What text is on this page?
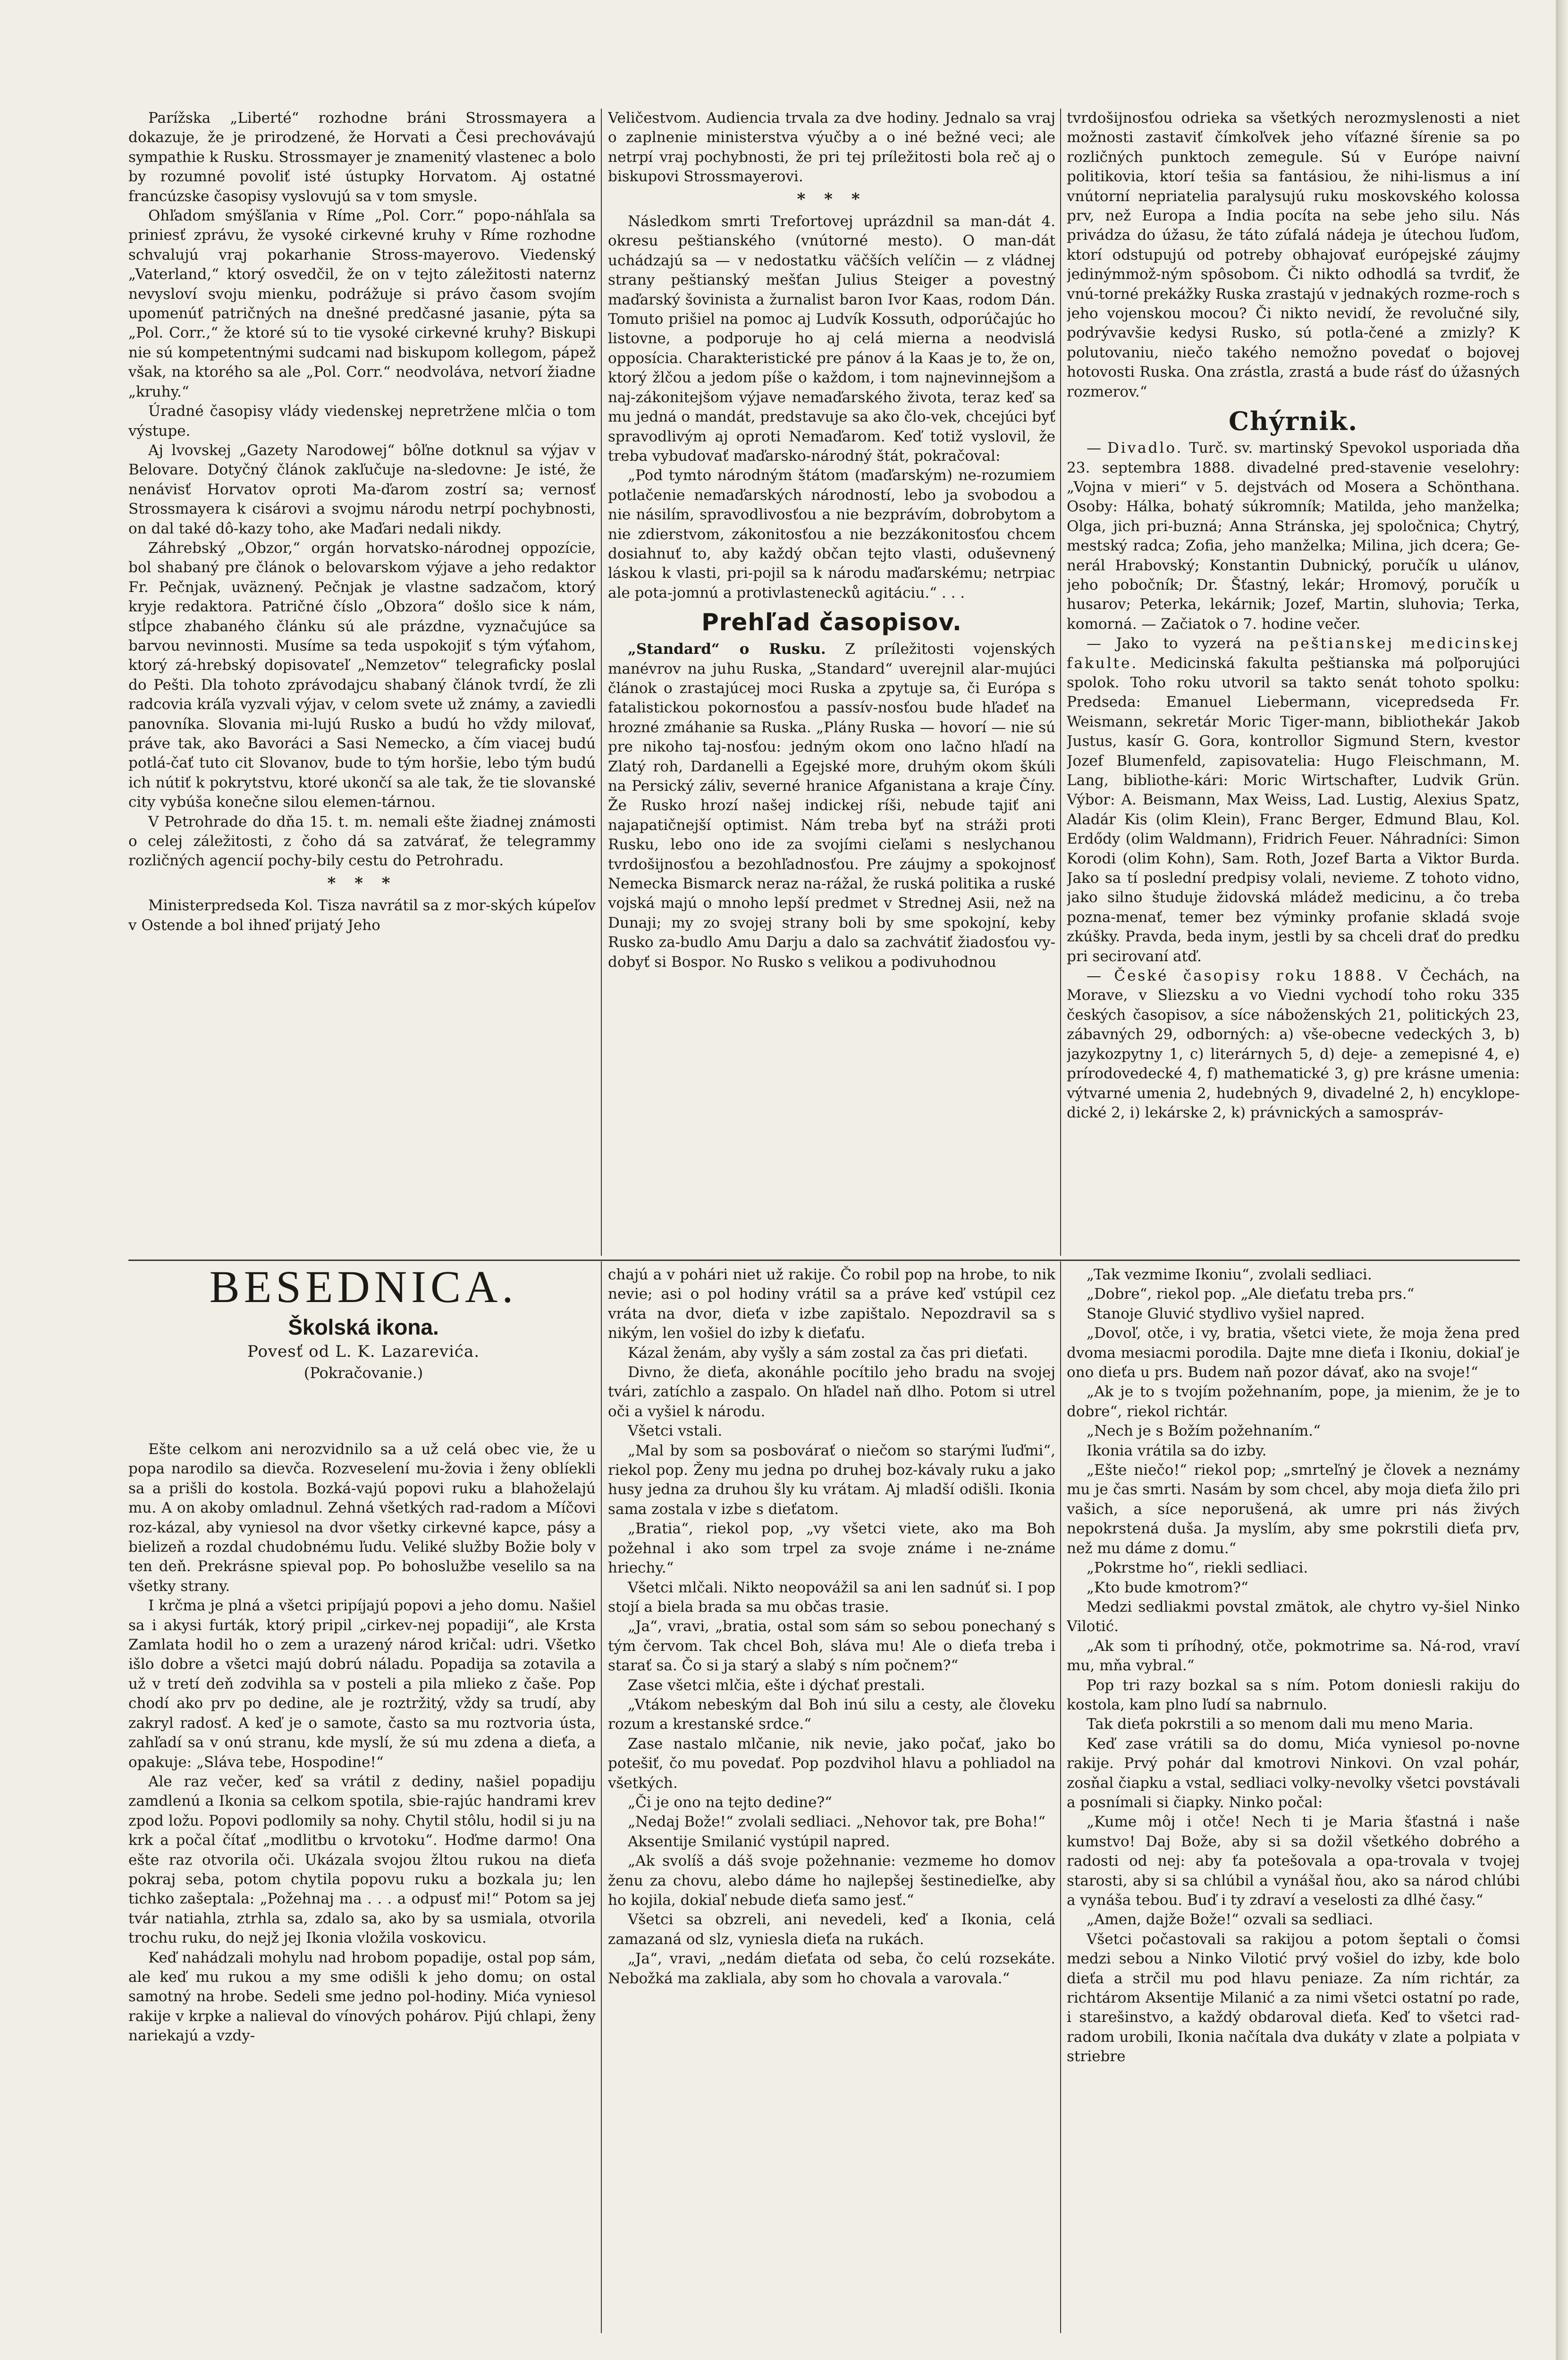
Parížska „Liberté“ rozhodne bráni Strossmayera a dokazuje, že je prirodzené, že Horvati a Česi prechovávajú sympathie k Rusku. Strossmayer je znamenitý vlastenec a bolo by rozumné povoliť isté ústupky Horvatom. Aj ostatné francúzske časopisy vyslovujú sa v tom smysle.

Ohľadom smýšľania v Ríme „Pol. Corr.“ popo-náhľala sa priniesť zprávu, že vysoké cirkevné kruhy v Ríme rozhodne schvalujú vraj pokarhanie Stross-mayerovo. Viedenský „Vaterland,“ ktorý osvedčil, že on v tejto záležitosti naternz nevysloví svoju mienku, podrážuje si právo časom svojím upomenúť patričných na dnešné predčasné jasanie, pýta sa „Pol. Corr.,“ že ktoré sú to tie vysoké cirkevné kruhy? Biskupi nie sú kompetentnými sudcami nad biskupom kollegom, pápež však, na ktorého sa ale „Pol. Corr.“ neodvoláva, netvorí žiadne „kruhy.“

Úradné časopisy vlády viedenskej nepretržene mlčia o tom výstupe.

Aj lvovskej „Gazety Narodowej“ bôľne dotknul sa výjav v Belovare. Dotyčný článok zakľučuje na-sledovne: Je isté, že nenávisť Horvatov oproti Ma-ďarom zostrí sa; vernosť Strossmayera k cisárovi a svojmu národu netrpí pochybnosti, on dal také dô-kazy toho, ake Maďari nedali nikdy.

Záhrebský „Obzor,“ orgán horvatsko-národnej oppozície, bol shabaný pre článok o belovarskom výjave a jeho redaktor Fr. Pečnjak, uväznený. Pečnjak je vlastne sadzačom, ktorý kryje redaktora. Patričné číslo „Obzora“ došlo sice k nám, stĺpce zhabaného článku sú ale prázdne, vyznačujúce sa barvou nevinnosti. Musíme sa teda uspokojiť s tým výťahom, ktorý zá-hrebský dopisovateľ „Nemzetov“ telegraficky poslal do Pešti. Dla tohoto zprávodajcu shabaný článok tvrdí, že zli radcovia kráľa vyzvali výjav, v celom svete už známy, a zaviedli panovníka. Slovania mi-lujú Rusko a budú ho vždy milovať, práve tak, ako Bavoráci a Sasi Nemecko, a čím viacej budú potlá-čať tuto cit Slovanov, bude to tým horšie, lebo tým budú ich nútiť k pokrytstvu, ktoré ukončí sa ale tak, že tie slovanské city vybúša konečne silou elemen-tárnou.

V Petrohrade do dňa 15. t. m. nemali ešte žiadnej známosti o celej záležitosti, z čoho dá sa zatvárať, že telegrammy rozličných agencií pochy-bily cestu do Petrohradu.

* * *

Ministerpredseda Kol. Tisza navrátil sa z mor-ských kúpeľov v Ostende a bol ihneď prijatý Jeho

Veličestvom. Audiencia trvala za dve hodiny. Jednalo sa vraj o zaplnenie ministerstva výučby a o iné bežné veci; ale netrpí vraj pochybnosti, že pri tej príležitosti bola reč aj o biskupovi Strossmayerovi.

* * *

Následkom smrti Trefortovej uprázdnil sa man-dát 4. okresu peštianského (vnútorné mesto). O man-dát uchádzajú sa — v nedostatku väčších velíčin — z vládnej strany peštianský mešťan Julius Steiger a povestný maďarský šovinista a žurnalist baron Ivor Kaas, rodom Dán. Tomuto prišiel na pomoc aj Ludvík Kossuth, odporúčajúc ho listovne, a podporuje ho aj celá mierna a neodvislá opposícia. Charakteristické pre pánov á la Kaas je to, že on, ktorý žlčou a jedom píše o každom, i tom najnevinnejšom a naj-zákonitejšom výjave nemaďarského života, teraz keď sa mu jedná o mandát, predstavuje sa ako člo-vek, chcejúci byť spravodlivým aj oproti Nemaďarom. Keď totiž vyslovil, že treba vybudovať maďarsko-národný štát, pokračoval:

„Pod tymto národným štátom (maďarským) ne-rozumiem potlačenie nemaďarských národností, lebo ja svobodou a nie násilím, spravodlivosťou a nie bezprávím, dobrobytom a nie zdierstvom, zákonitosťou a nie bezzákonitosťou chcem dosiahnuť to, aby každý občan tejto vlasti, oduševnený láskou k vlasti, pri-pojil sa k národu maďarskému; netrpiac ale pota-jomnú a protivlastenecků agitáciu.“ . . .

Prehľad časopisov.

„Standard“ o Rusku. Z príležitosti vojenských manévrov na juhu Ruska, „Standard“ uverejnil alar-mujúci článok o zrastajúcej moci Ruska a zpytuje sa, či Európa s fatalistickou pokornosťou a passív-nosťou bude hľadeť na hrozné zmáhanie sa Ruska. „Plány Ruska — hovorí — nie sú pre nikoho taj-nosťou: jedným okom ono lačno hľadí na Zlatý roh, Dardanelli a Egejské more, druhým okom škúli na Persický záliv, severné hranice Afganistana a kraje Číny. Že Rusko hrozí našej indickej ríši, nebude tajiť ani najapatičnejší optimist. Nám treba byť na stráži proti Rusku, lebo ono ide za svojími cieľami s neslychanou tvrdošijnosťou a bezohľadnosťou. Pre záujmy a spokojnosť Nemecka Bismarck neraz na-rážal, že ruská politika a ruské vojská majú o mnoho lepší predmet v Strednej Asii, než na Dunaji; my zo svojej strany boli by sme spokojní, keby Rusko za-budlo Amu Darju a dalo sa zachvátiť žiadosťou vy-dobyť si Bospor. No Rusko s velikou a podivuhodnou

tvrdošijnosťou odrieka sa všetkých nerozmyslenosti a niet možnosti zastaviť čímkoľvek jeho víťazné šírenie sa po rozličných punktoch zemegule. Sú v Európe naivní politikovia, ktorí tešia sa fantásiou, že nihi-lismus a iní vnútorní nepriatelia paralysujú ruku moskovského kolossa prv, než Europa a India pocíta na sebe jeho silu. Nás privádza do úžasu, že táto zúfalá nádeja je útechou ľuďom, ktorí odstupujú od potreby obhajovať európejské záujmy jedinýmmož-ným spôsobom. Či nikto odhodlá sa tvrdiť, že vnú-torné prekážky Ruska zrastajú v jednakých rozme-roch s jeho vojenskou mocou? Či nikto nevidí, že revolučné sily, podrývavšie kedysi Rusko, sú potla-čené a zmizly? K polutovaniu, niečo takého nemožno povedať o bojovej hotovosti Ruska. Ona zrástla, zrastá a bude rásť do úžasných rozmerov.“

Chýrnik.

— Divadlo. Turč. sv. martinský Spevokol usporiada dňa 23. septembra 1888. divadelné pred-stavenie veselohry: „Vojna v mieri“ v 5. dejstvách od Mosera a Schönthana. Osoby: Hálka, bohatý súkromník; Matilda, jeho manželka; Olga, jich pri-buzná; Anna Stránska, jej spoločnica; Chytrý, mestský radca; Zofia, jeho manželka; Milina, jich dcera; Ge-nerál Hrabovský; Konstantin Dubnický, poručík u ulánov, jeho pobočník; Dr. Šťastný, lekár; Hromový, poručík u husarov; Peterka, lekárnik; Jozef, Martin, sluhovia; Terka, komorná. — Začiatok o 7. hodine večer.

— Jako to vyzerá na peštianskej medicinskej fakulte. Medicinská fakulta peštianska má poľporujúci spolok. Toho roku utvoril sa takto senát tohoto spolku: Predseda: Emanuel Liebermann, vicepredseda Fr. Weismann, sekretár Moric Tiger-mann, bibliothekár Jakob Justus, kasír G. Gora, kontrollor Sigmund Stern, kvestor Jozef Blumenfeld, zapisovatelia: Hugo Fleischmann, M. Lang, bibliothe-kári: Moric Wirtschafter, Ludvik Grün. Výbor: A. Beismann, Max Weiss, Lad. Lustig, Alexius Spatz, Aladár Kis (olim Klein), Franc Berger, Edmund Blau, Kol. Erdődy (olim Waldmann), Fridrich Feuer. Náhradníci: Simon Korodi (olim Kohn), Sam. Roth, Jozef Barta a Viktor Burda. Jako sa tí poslední predpisy volali, nevieme. Z tohoto vidno, jako silno študuje židovská mládež medicinu, a čo treba pozna-menať, temer bez výminky profanie skladá svoje zkúšky. Pravda, beda inym, jestli by sa chceli drať do predku pri secirovaní atď.

— České časopisy roku 1888. V Čechách, na Morave, v Sliezsku a vo Viedni vychodí toho roku 335 českých časopisov, a síce náboženských 21, politických 23, zábavných 29, odborných: a) vše-obecne vedeckých 3, b) jazykozpytny 1, c) literárnych 5, d) deje- a zemepisné 4, e) prírodovedecké 4, f) mathematické 3, g) pre krásne umenia: výtvarné umenia 2, hudebných 9, divadelné 2, h) encyklope-dické 2, i) lekárske 2, k) právnických a samospráv-

BESEDNICA.
Školská ikona.
Povesť od L. K. Lazarevića.
(Pokračovanie.)

Ešte celkom ani nerozvidnilo sa a už celá obec vie, že u popa narodilo sa dievča. Rozveselení mu-žovia i ženy oblíekli sa a prišli do kostola. Bozká-vajú popovi ruku a blahoželajú mu. A on akoby omladnul. Zehná všetkých rad-radom a Míčovi roz-kázal, aby vyniesol na dvor všetky cirkevné kapce, pásy a bielizeň a rozdal chudobnému ľudu. Veliké služby Božie boly v ten deň. Prekrásne spieval pop. Po bohoslužbe veselilo sa na všetky strany.

I krčma je plná a všetci pripíjajú popovi a jeho domu. Našiel sa i akysi furták, ktorý pripil „cirkev-nej popadiji“, ale Krsta Zamlata hodil ho o zem a urazený národ kričal: udri. Všetko išlo dobre a všetci majú dobrú náladu. Popadija sa zotavila a už v tretí deň zodvihla sa v posteli a pila mlieko z čaše. Pop chodí ako prv po dedine, ale je roztržitý, vždy sa trudí, aby zakryl radosť. A keď je o samote, často sa mu roztvoria ústa, zahľadí sa v onú stranu, kde myslí, že sú mu zdena a dieťa, a opakuje: „Sláva tebe, Hospodine!“

Ale raz večer, keď sa vrátil z dediny, našiel popadiju zamdlenú a Ikonia sa celkom spotila, sbie-rajúc handrami krev zpod ložu. Popovi podlomily sa nohy. Chytil stôlu, hodil si ju na krk a počal čítať „modlitbu o krvotoku“. Hoďme darmo! Ona ešte raz otvorila oči. Ukázala svojou žltou rukou na dieťa pokraj seba, potom chytila popovu ruku a bozkala ju; len tichko zašeptala: „Požehnaj ma . . . a odpusť mi!“ Potom sa jej tvár natiahla, ztrhla sa, zdalo sa, ako by sa usmiala, otvorila trochu ruku, do nejž jej Ikonia vložila voskovicu.

Keď nahádzali mohylu nad hrobom popadije, ostal pop sám, ale keď mu rukou a my sme odišli k jeho domu; on ostal samotný na hrobe. Sedeli sme jedno pol-hodiny. Mića vyniesol rakije v krpke a nalieval do vínových pohárov. Pijú chlapi, ženy nariekajú a vzdy-

chajú a v pohári niet už rakije. Čo robil pop na hrobe, to nik nevie; asi o pol hodiny vrátil sa a práve keď vstúpil cez vráta na dvor, dieťa v izbe zapištalo. Nepozdravil sa s nikým, len vošiel do izby k dieťaťu.

Kázal ženám, aby vyšly a sám zostal za čas pri dieťati.

Divno, že dieťa, akonáhle pocítilo jeho bradu na svojej tvári, zatíchlo a zaspalo. On hľadel naň dlho. Potom si utrel oči a vyšiel k národu.

Všetci vstali.

„Mal by som sa posbovárať o niečom so starými ľuďmi“, riekol pop. Ženy mu jedna po druhej boz-kávaly ruku a jako husy jedna za druhou šly ku vrátam. Aj mladší odišli. Ikonia sama zostala v izbe s dieťatom.

„Bratia“, riekol pop, „vy všetci viete, ako ma Boh požehnal i ako som trpel za svoje známe i ne-známe hriechy.“

Všetci mlčali. Nikto neopovážil sa ani len sadnúť si. I pop stojí a biela brada sa mu občas trasie.

„Ja“, vravi, „bratia, ostal som sám so sebou ponechaný s tým červom. Tak chcel Boh, sláva mu! Ale o dieťa treba i starať sa. Čo si ja starý a slabý s ním počnem?“

Zase všetci mlčia, ešte i dýchať prestali.

„Vtákom nebeským dal Boh inú silu a cesty, ale človeku rozum a krestanské srdce.“

Zase nastalo mlčanie, nik nevie, jako počať, jako bo potešiť, čo mu povedať. Pop pozdvihol hlavu a pohliadol na všetkých.

„Či je ono na tejto dedine?“

„Nedaj Bože!“ zvolali sedliaci. „Nehovor tak, pre Boha!“

Aksentije Smilanić vystúpil napred.

„Ak svolíš a dáš svoje požehnanie: vezmeme ho domov ženu za chovu, alebo dáme ho najlepšej šestinedieľke, aby ho kojila, dokiaľ nebude dieťa samo jesť.“

Všetci sa obzreli, ani nevedeli, keď a Ikonia, celá zamazaná od slz, vyniesla dieťa na rukách.

„Ja“, vravi, „nedám dieťata od seba, čo celú rozsekáte. Nebožká ma zakliala, aby som ho chovala a varovala.“

„Tak vezmime Ikoniu“, zvolali sedliaci.

„Dobre“, riekol pop. „Ale dieťatu treba prs.“

Stanoje Gluvić stydlivo vyšiel napred.

„Dovoľ, otče, i vy, bratia, všetci viete, že moja žena pred dvoma mesiacmi porodila. Dajte mne dieťa i Ikoniu, dokiaľ je ono dieťa u prs. Budem naň pozor dávať, ako na svoje!“

„Ak je to s tvojím požehnaním, pope, ja mienim, že je to dobre“, riekol richtár.

„Nech je s Božím požehnaním.“

Ikonia vrátila sa do izby.

„Ešte niečo!“ riekol pop; „smrteľný je človek a neznámy mu je čas smrti. Nasám by som chcel, aby moja dieťa žilo pri vašich, a síce neporušená, ak umre pri nás živých nepokrstená duša. Ja myslím, aby sme pokrstili dieťa prv, než mu dáme z domu.“

„Pokrstme ho“, riekli sedliaci.

„Kto bude kmotrom?“

Medzi sedliakmi povstal zmätok, ale chytro vy-šiel Ninko Vilotić.

„Ak som ti príhodný, otče, pokmotrime sa. Ná-rod, vraví mu, mňa vybral.“

Pop tri razy bozkal sa s ním. Potom doniesli rakiju do kostola, kam plno ľudí sa nabrnulo.

Tak dieťa pokrstili a so menom dali mu meno Maria.

Keď zase vrátili sa do domu, Mića vyniesol po-novne rakije. Prvý pohár dal kmotrovi Ninkovi. On vzal pohár, zosňal čiapku a vstal, sedliaci volky-nevolky všetci povstávali a posnímali si čiapky. Ninko počal:

„Kume môj i otče! Nech ti je Maria šťastná i naše kumstvo! Daj Bože, aby si sa dožil všetkého dobrého a radosti od nej: aby ťa potešovala a opa-trovala v tvojej starosti, aby si sa chlúbil a vynášal ňou, ako sa národ chlúbi a vynáša tebou. Buď i ty zdraví a veselosti za dlhé časy.“

„Amen, dajže Bože!“ ozvali sa sedliaci.

Všetci počastovali sa rakijou a potom šeptali o čomsi medzi sebou a Ninko Vilotić prvý vošiel do izby, kde bolo dieťa a strčil mu pod hlavu peniaze. Za ním richtár, za richtárom Aksentije Milanić a za nimi všetci ostatní po rade, i starešinstvo, a každý obdaroval dieťa. Keď to všetci rad-radom urobili, Ikonia načítala dva dukáty v zlate a polpiata v striebre
